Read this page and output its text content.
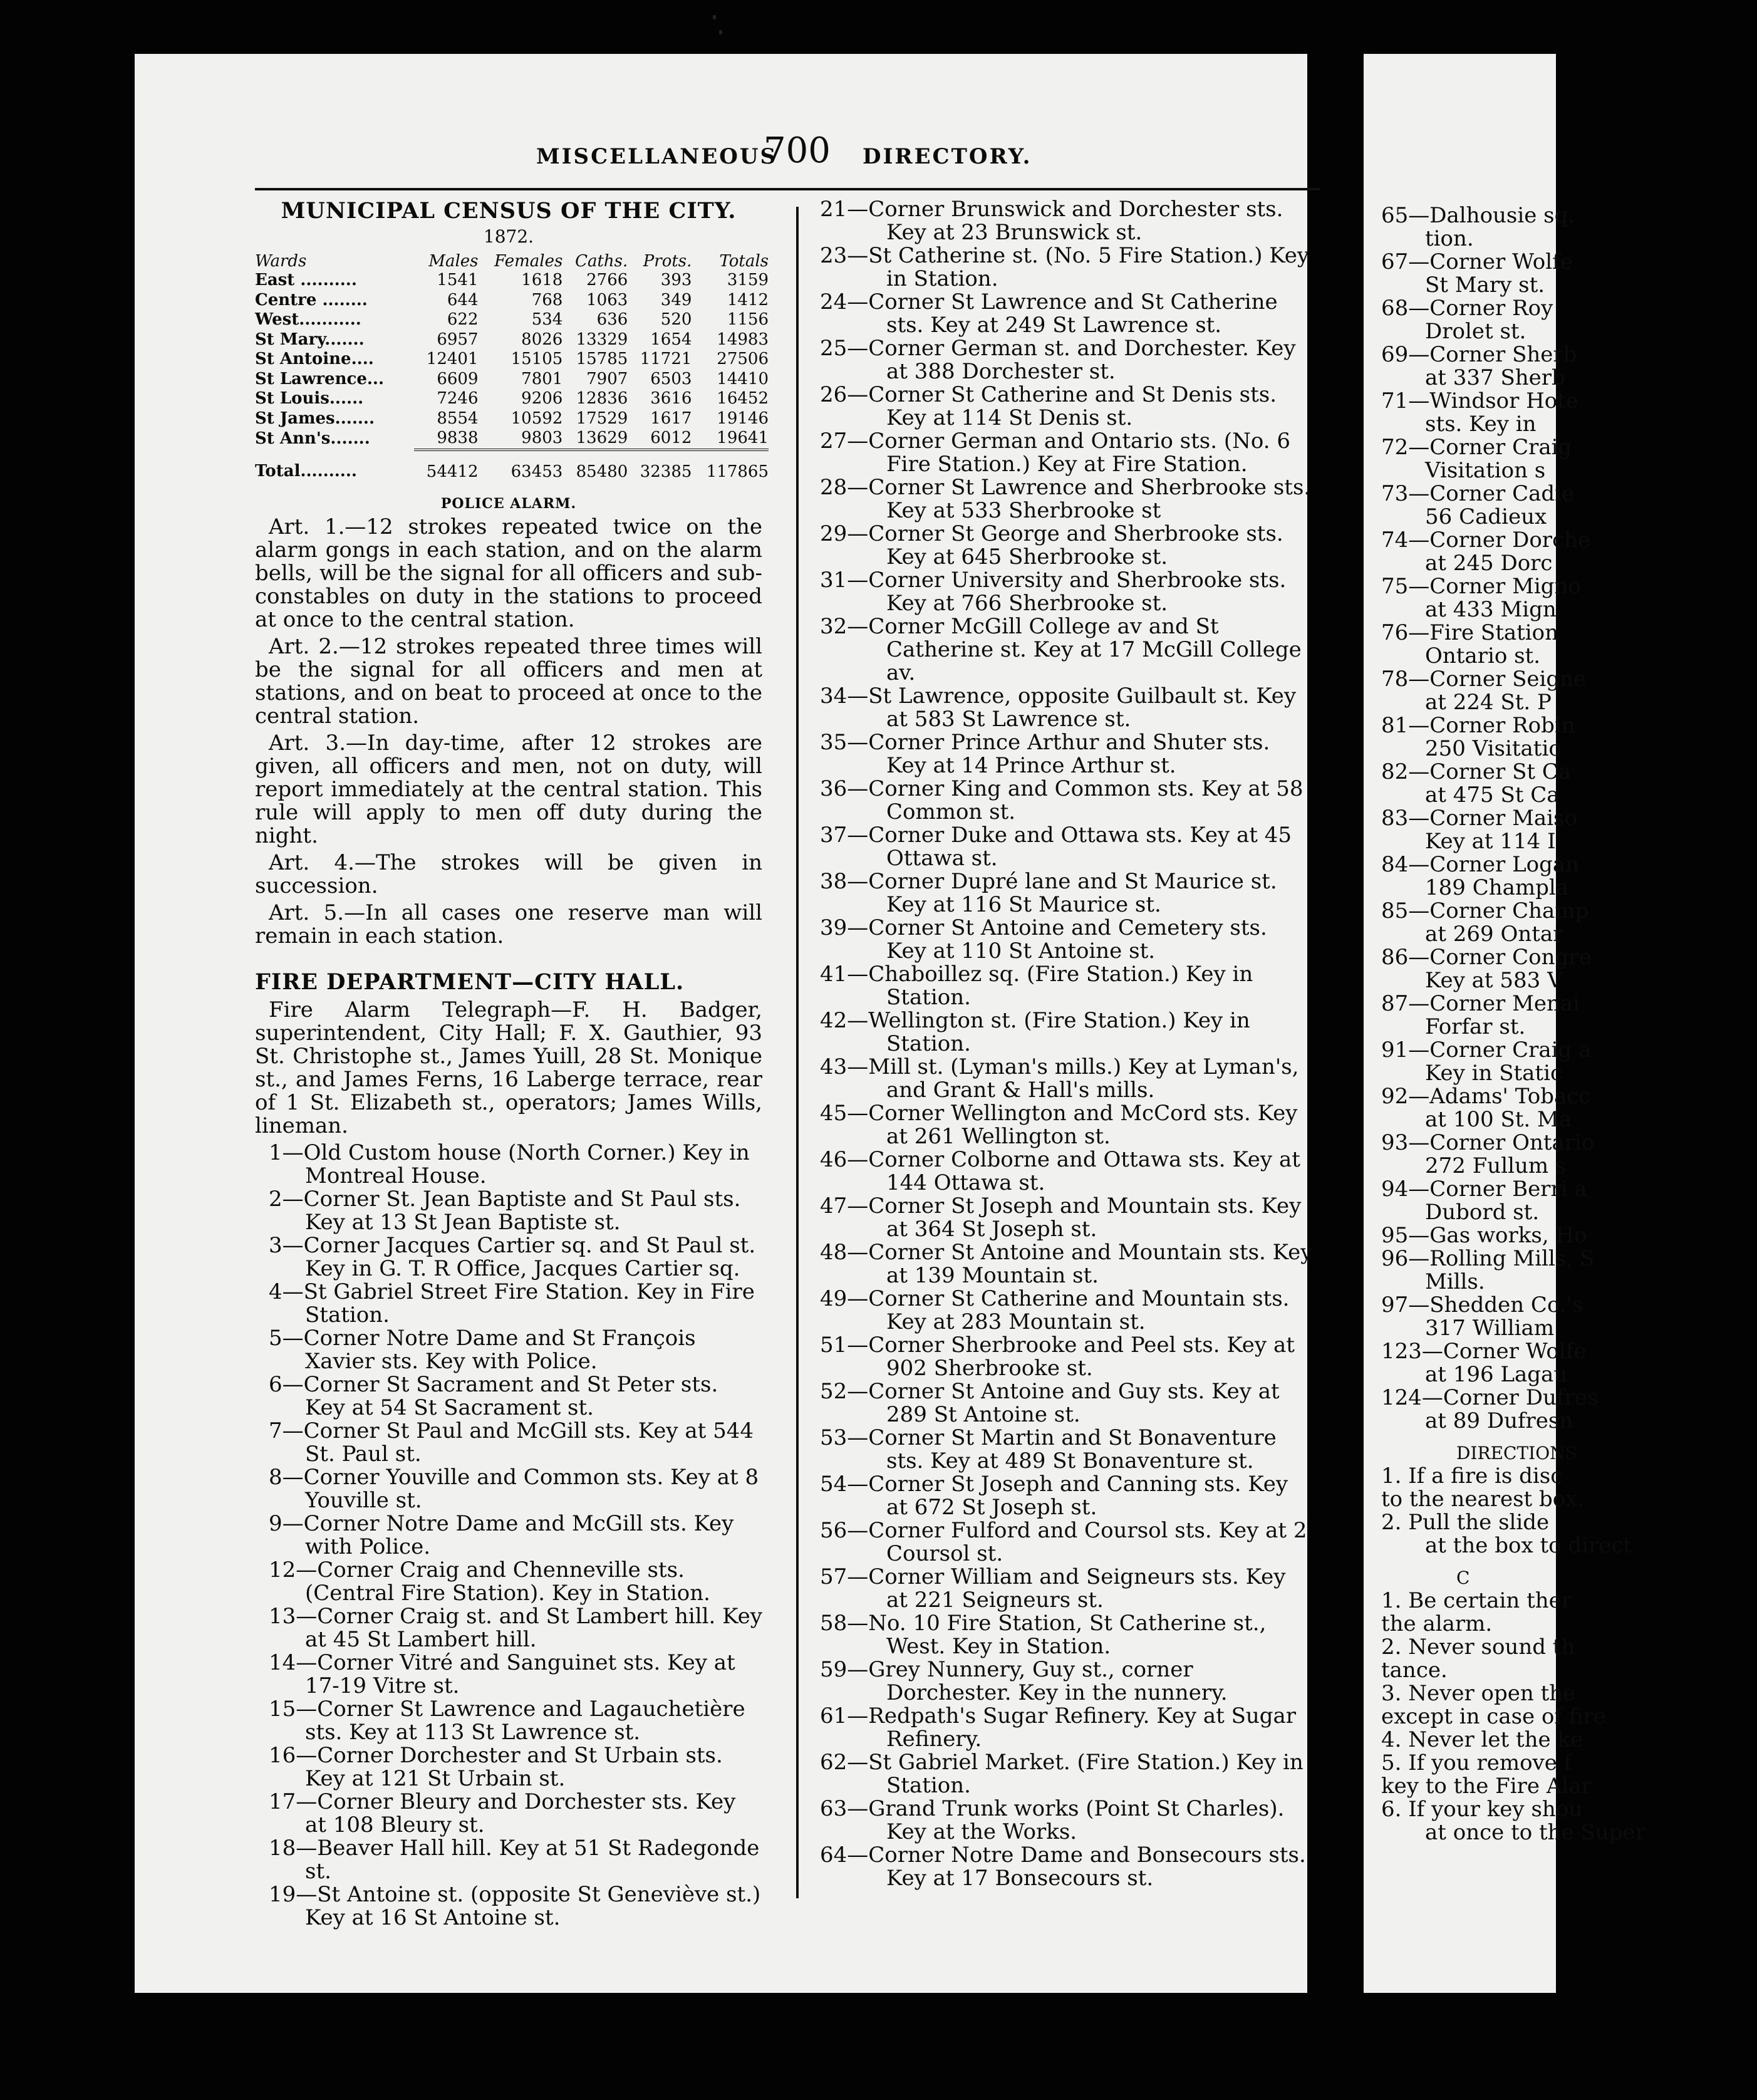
65—Dalhousie sq.
tion.
67—Corner Wolfe
St Mary st.
68—Corner Roy
Drolet st.
69—Corner Sherb
at 337 Sherb
71—Windsor Hote
sts. Key in
72—Corner Craig
Visitation s
73—Corner Cadie
56 Cadieux
74—Corner Dorche
at 245 Dorc
75—Corner Migno
at 433 Mign
76—Fire Station
Ontario st.
78—Corner Seigne
at 224 St. P
81—Corner Robin
250 Visitatio
82—Corner St Ca
at 475 St Ca
83—Corner Maiso
Key at 114 I
84—Corner Logan
189 Champla
85—Corner Champ
at 269 Ontar
86—Corner Congre
Key at 583 V
87—Corner Menai
Forfar st.
91—Corner Craig a
Key in Static
92—Adams' Tobacc
at 100 St. Ma
93—Corner Ontario
272 Fullum s
94—Corner Berri a
Dubord st.
95—Gas works, Ho
96—Rolling Mills, S
Mills.
97—Shedden Co.'s
317 William
123—Corner Wolfe
at 196 Lagau
124—Corner Dufres
at 89 Dufresn
DIRECTIONS
1. If a fire is disc
to the nearest box.
2. Pull the slide
at the box to direct
C
1. Be certain ther
the alarm.
2. Never sound th
tance.
3. Never open the
except in case of fire
4. Never let the ke
5. If you remove f
key to the Fire Alar
6. If your key shou
at once to the Super
MISCELLANEOUS
700 DIRECTORY.
MUNICIPAL CENSUS OF THE CITY.
1872.
Wards	Males	Females	Caths.	Prots.	Totals
East ..........	1541	1618	2766	393	3159
Centre ........	644	768	1063	349	1412
West...........	622	534	636	520	1156
St Mary.......	6957	8026	13329	1654	14983
St Antoine....	12401	15105	15785	11721	27506
St Lawrence...	6609	7801	7907	6503	14410
St Louis......	7246	9206	12836	3616	16452
St James.......	8554	10592	17529	1617	19146
St Ann's.......	9838	9803	13629	6012	19641
Total..........	54412	63453	85480	32385	117865
POLICE ALARM.

Art. 1.—12 strokes repeated twice on the alarm gongs in each station, and on the alarm bells, will be the signal for all officers and sub-constables on duty in the stations to proceed at once to the central station.

Art. 2.—12 strokes repeated three times will be the signal for all officers and men at stations, and on beat to proceed at once to the central station.

Art. 3.—In day-time, after 12 strokes are given, all officers and men, not on duty, will report immediately at the central station. This rule will apply to men off duty during the night.

Art. 4.—The strokes will be given in succession.

Art. 5.—In all cases one reserve man will remain in each station.

FIRE DEPARTMENT—CITY HALL.

Fire Alarm Telegraph—F. H. Badger, superintendent, City Hall; F. X. Gauthier, 93 St. Christophe st., James Yuill, 28 St. Monique st., and James Ferns, 16 Laberge terrace, rear of 1 St. Elizabeth st., operators; James Wills, lineman.

1—Old Custom house (North Corner.) Key in Montreal House.

2—Corner St. Jean Baptiste and St Paul sts. Key at 13 St Jean Baptiste st.

3—Corner Jacques Cartier sq. and St Paul st. Key in G. T. R Office, Jacques Cartier sq.

4—St Gabriel Street Fire Station. Key in Fire Station.

5—Corner Notre Dame and St François Xavier sts. Key with Police.

6—Corner St Sacrament and St Peter sts. Key at 54 St Sacrament st.

7—Corner St Paul and McGill sts. Key at 544 St. Paul st.

8—Corner Youville and Common sts. Key at 8 Youville st.

9—Corner Notre Dame and McGill sts. Key with Police.

12—Corner Craig and Chenneville sts. (Central Fire Station). Key in Station.

13—Corner Craig st. and St Lambert hill. Key at 45 St Lambert hill.

14—Corner Vitré and Sanguinet sts. Key at 17-19 Vitre st.

15—Corner St Lawrence and Lagauchetière sts. Key at 113 St Lawrence st.

16—Corner Dorchester and St Urbain sts. Key at 121 St Urbain st.

17—Corner Bleury and Dorchester sts. Key at 108 Bleury st.

18—Beaver Hall hill. Key at 51 St Radegonde st.

19—St Antoine st. (opposite St Geneviève st.) Key at 16 St Antoine st.

21—Corner Brunswick and Dorchester sts. Key at 23 Brunswick st.

23—St Catherine st. (No. 5 Fire Station.) Key in Station.

24—Corner St Lawrence and St Catherine sts. Key at 249 St Lawrence st.

25—Corner German st. and Dorchester. Key at 388 Dorchester st.

26—Corner St Catherine and St Denis sts. Key at 114 St Denis st.

27—Corner German and Ontario sts. (No. 6 Fire Station.) Key at Fire Station.

28—Corner St Lawrence and Sherbrooke sts. Key at 533 Sherbrooke st

29—Corner St George and Sherbrooke sts. Key at 645 Sherbrooke st.

31—Corner University and Sherbrooke sts. Key at 766 Sherbrooke st.

32—Corner McGill College av and St Catherine st. Key at 17 McGill College av.

34—St Lawrence, opposite Guilbault st. Key at 583 St Lawrence st.

35—Corner Prince Arthur and Shuter sts. Key at 14 Prince Arthur st.

36—Corner King and Common sts. Key at 58 Common st.

37—Corner Duke and Ottawa sts. Key at 45 Ottawa st.

38—Corner Dupré lane and St Maurice st. Key at 116 St Maurice st.

39—Corner St Antoine and Cemetery sts. Key at 110 St Antoine st.

41—Chaboillez sq. (Fire Station.) Key in Station.

42—Wellington st. (Fire Station.) Key in Station.

43—Mill st. (Lyman's mills.) Key at Lyman's, and Grant & Hall's mills.

45—Corner Wellington and McCord sts. Key at 261 Wellington st.

46—Corner Colborne and Ottawa sts. Key at 144 Ottawa st.

47—Corner St Joseph and Mountain sts. Key at 364 St Joseph st.

48—Corner St Antoine and Mountain sts. Key at 139 Mountain st.

49—Corner St Catherine and Mountain sts. Key at 283 Mountain st.

51—Corner Sherbrooke and Peel sts. Key at 902 Sherbrooke st.

52—Corner St Antoine and Guy sts. Key at 289 St Antoine st.

53—Corner St Martin and St Bonaventure sts. Key at 489 St Bonaventure st.

54—Corner St Joseph and Canning sts. Key at 672 St Joseph st.

56—Corner Fulford and Coursol sts. Key at 2 Coursol st.

57—Corner William and Seigneurs sts. Key at 221 Seigneurs st.

58—No. 10 Fire Station, St Catherine st., West. Key in Station.

59—Grey Nunnery, Guy st., corner Dorchester. Key in the nunnery.

61—Redpath's Sugar Refinery. Key at Sugar Refinery.

62—St Gabriel Market. (Fire Station.) Key in Station.

63—Grand Trunk works (Point St Charles). Key at the Works.

64—Corner Notre Dame and Bonsecours sts. Key at 17 Bonsecours st.
